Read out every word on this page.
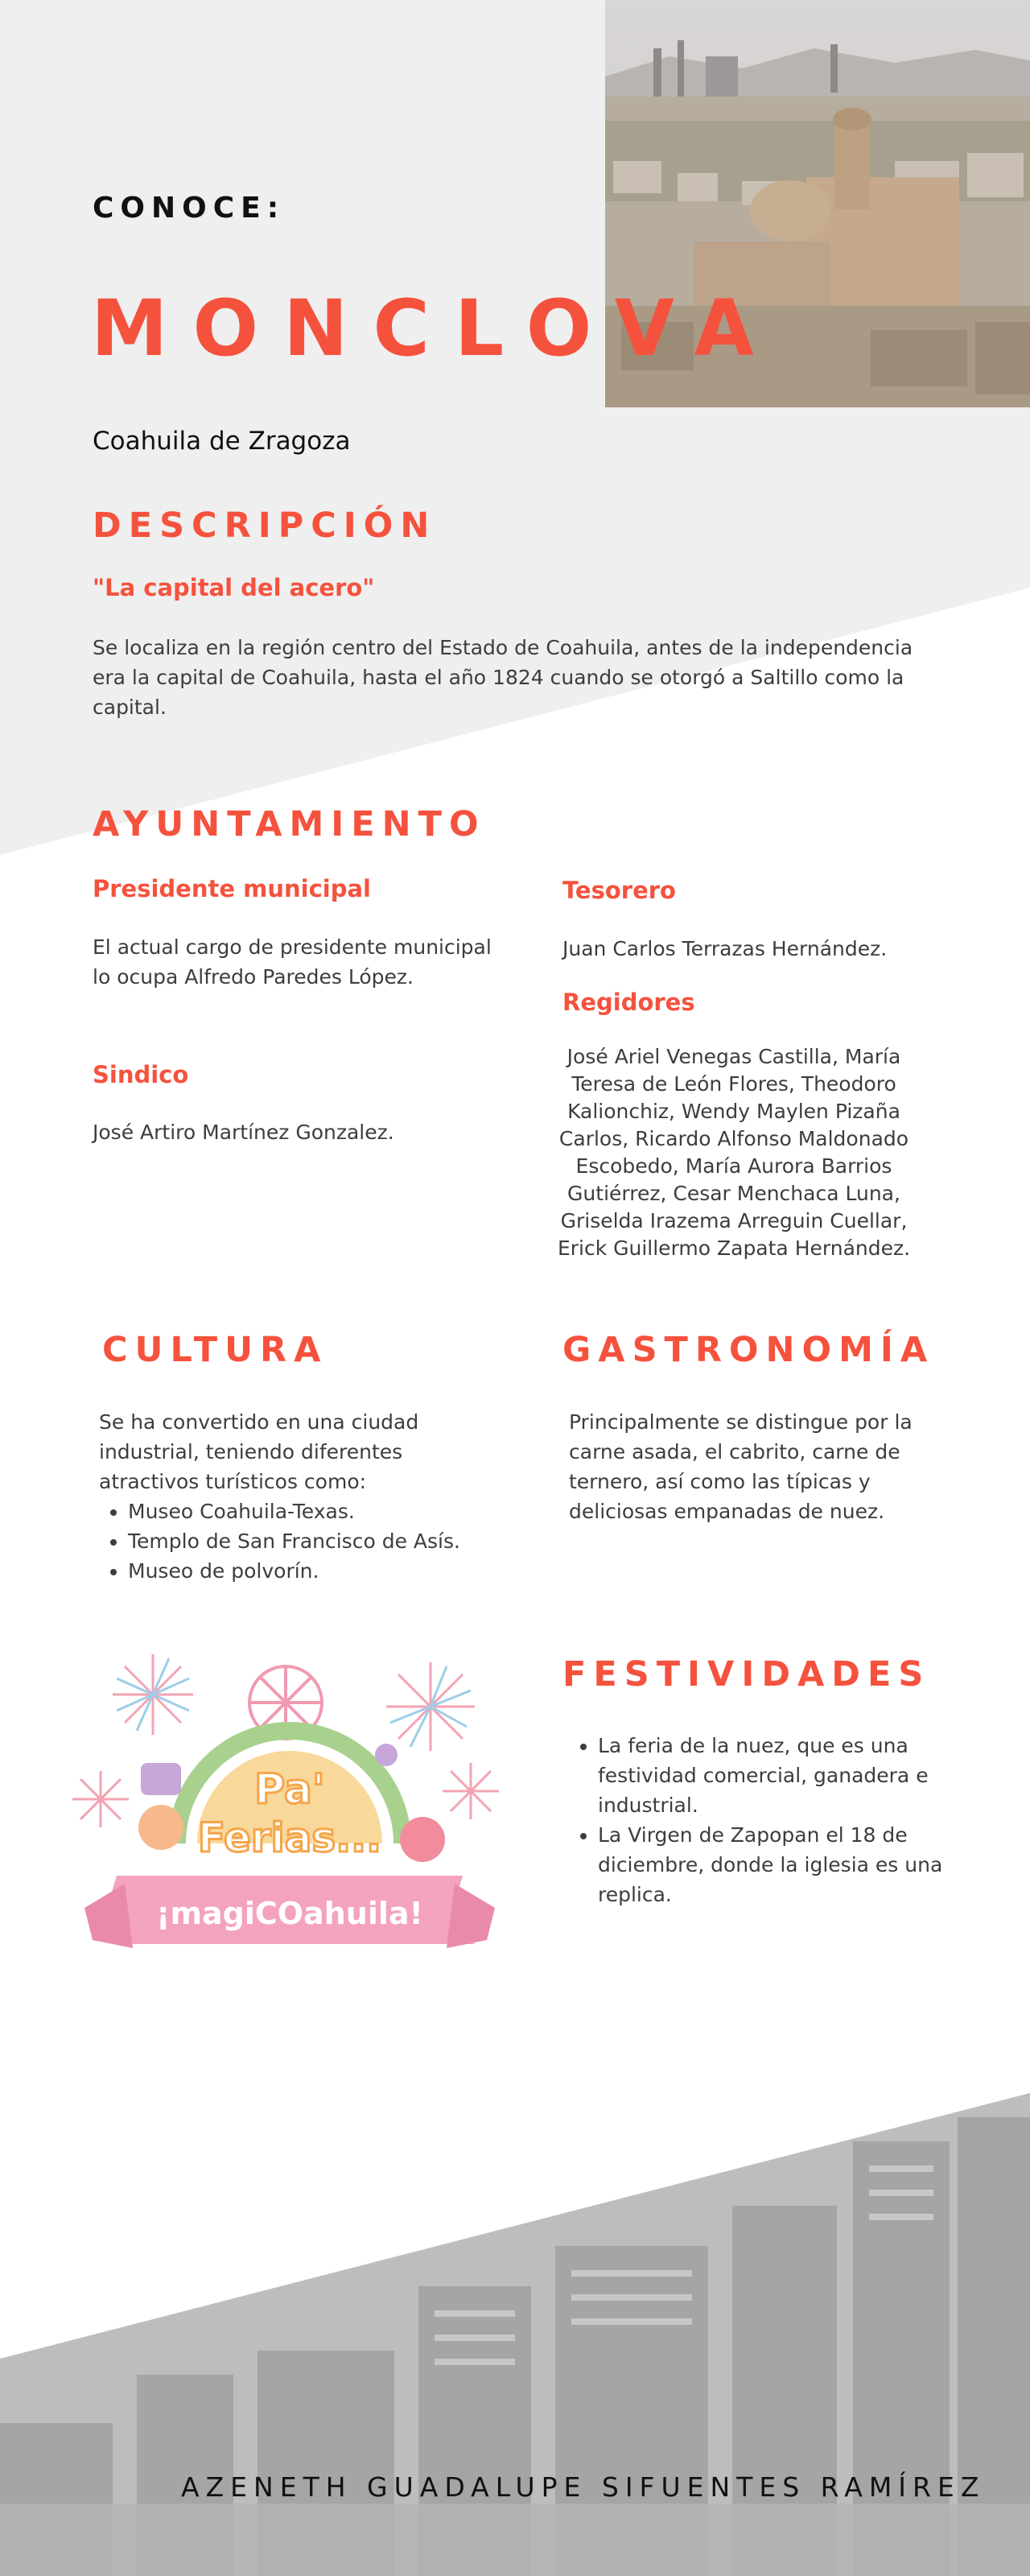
CONOCE:
MONCLOVA
Coahuila de Zragoza
DESCRIPCIÓN
"La capital del acero"
Se localiza en la región centro del Estado de Coahuila, antes de la independencia era la capital de Coahuila, hasta el año 1824 cuando se otorgó a Saltillo como la capital.
AYUNTAMIENTO
Presidente municipal
El actual cargo de presidente municipal lo ocupa Alfredo Paredes López.
Sindico
José Artiro Martínez Gonzalez.
Tesorero
Juan Carlos Terrazas Hernández.
Regidores
José Ariel Venegas Castilla, María Teresa de León Flores, Theodoro Kalionchiz, Wendy Maylen Pizaña Carlos, Ricardo Alfonso Maldonado Escobedo, María Aurora Barrios Gutiérrez, Cesar Menchaca Luna, Griselda Irazema Arreguin Cuellar, Erick Guillermo Zapata Hernández.
CULTURA
Se ha convertido en una ciudad industrial, teniendo diferentes atractivos turísticos como:
• Museo Coahuila-Texas.
• Templo de San Francisco de Asís.
• Museo de polvorín.
GASTRONOMÍA
Principalmente se distingue por la carne asada, el cabrito, carne de ternero, así como las típicas y deliciosas empanadas de nuez.
FESTIVIDADES
• La feria de la nuez, que es una festividad comercial, ganadera e industrial.
• La Virgen de Zapopan el 18 de diciembre, donde la iglesia es una replica.
Pa'
Ferias...
¡magiCOahuila!
AZENETH GUADALUPE SIFUENTES RAMÍREZ
